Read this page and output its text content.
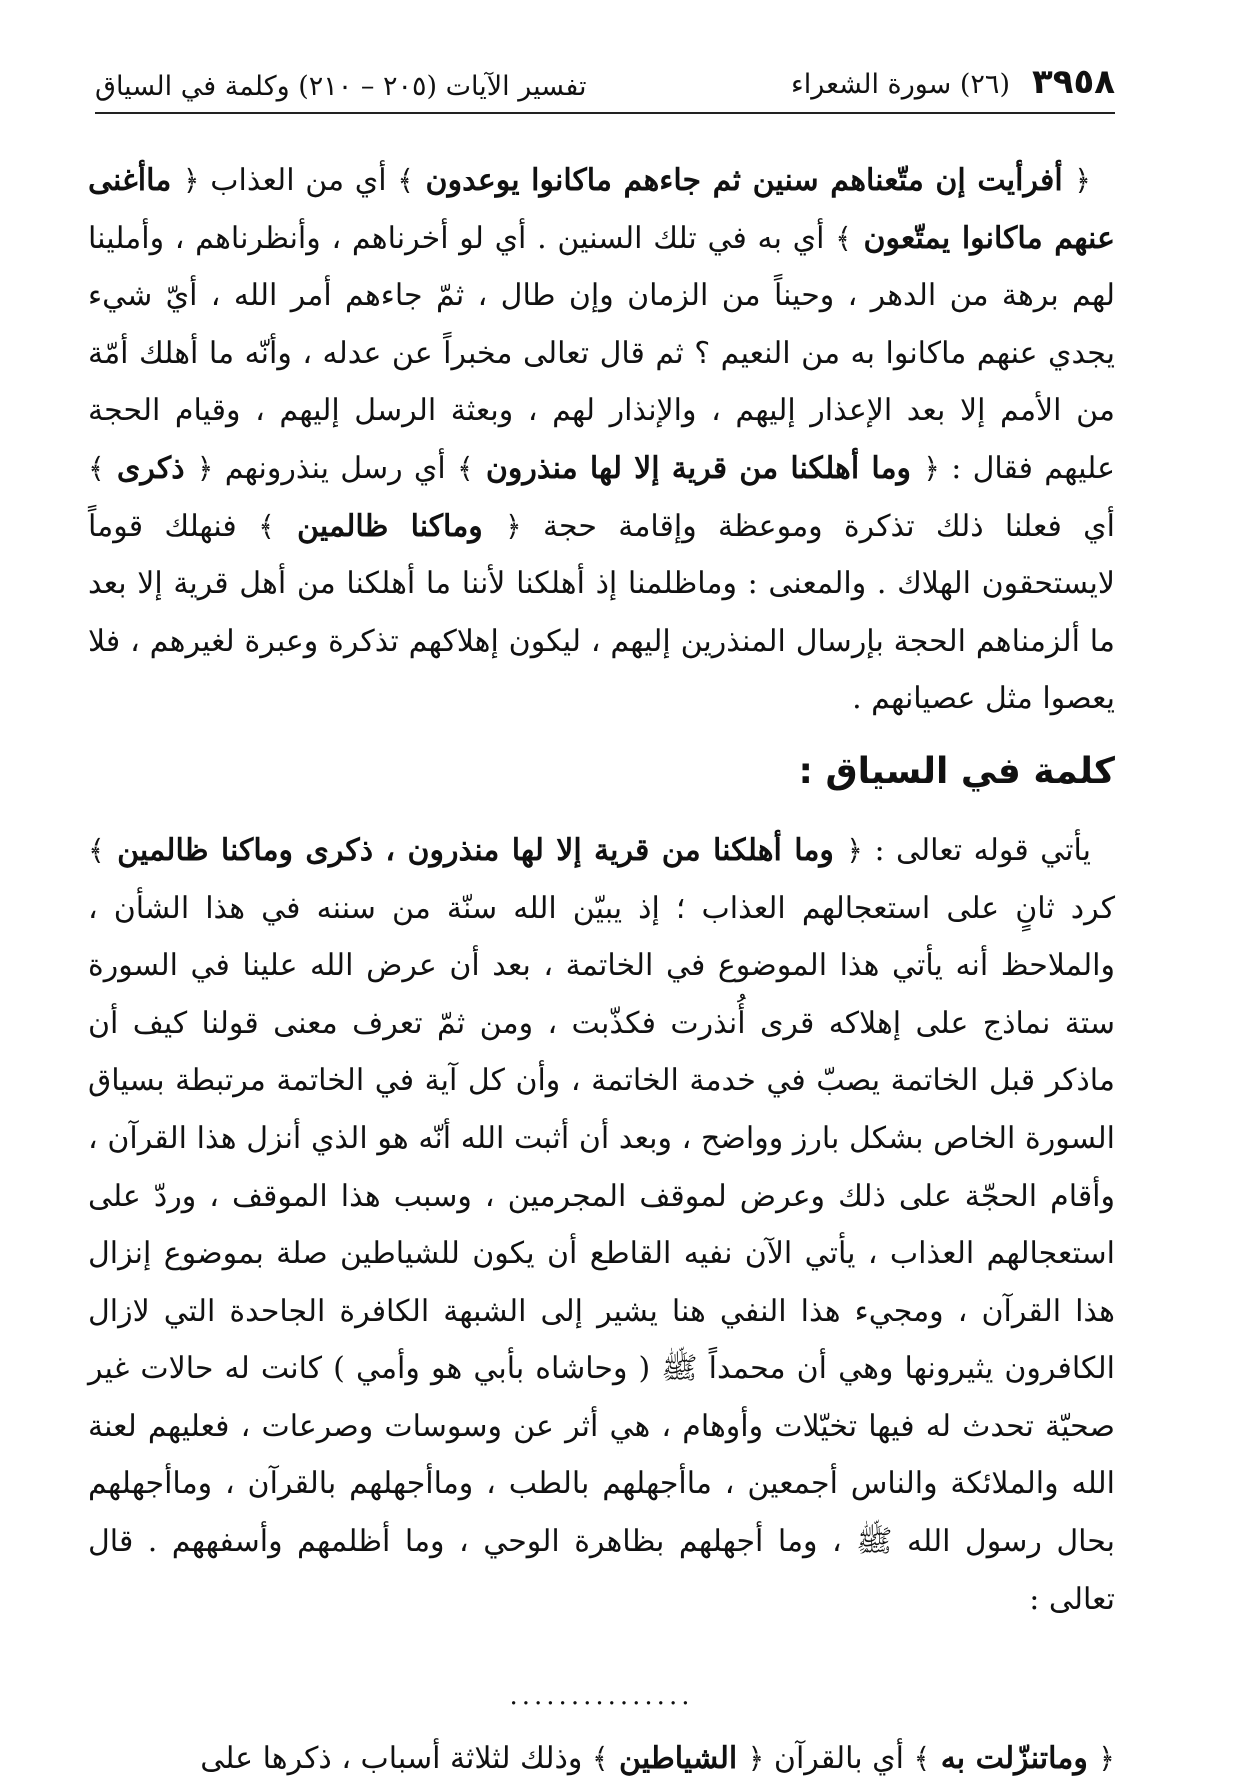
٣٩٥٨
(٢٦) سورة الشعراء
تفسير الآيات (٢٠٥ – ٢١٠) وكلمة في السياق

﴿ أفرأيت إن متّعناهم سنين ثم جاءهم ماكانوا يوعدون ﴾ أي من العذاب ﴿ ماأغنى عنهم ماكانوا يمتّعون ﴾ أي به في تلك السنين . أي لو أخرناهم ، وأنظرناهم ، وأملينا لهم برهة من الدهر ، وحيناً من الزمان وإن طال ، ثمّ جاءهم أمر الله ، أيّ شيء يجدي عنهم ماكانوا به من النعيم ؟ ثم قال تعالى مخبراً عن عدله ، وأنّه ما أهلك أمّة من الأمم إلا بعد الإعذار إليهم ، والإنذار لهم ، وبعثة الرسل إليهم ، وقيام الحجة عليهم فقال : ﴿ وما أهلكنا من قرية إلا لها منذرون ﴾ أي رسل ينذرونهم ﴿ ذكرى ﴾ أي فعلنا ذلك تذكرة وموعظة وإقامة حجة ﴿ وماكنا ظالمين ﴾ فنهلك قوماً لايستحقون الهلاك . والمعنى : وماظلمنا إذ أهلكنا لأننا ما أهلكنا من أهل قرية إلا بعد ما ألزمناهم الحجة بإرسال المنذرين إليهم ، ليكون إهلاكهم تذكرة وعبرة لغيرهم ، فلا يعصوا مثل عصيانهم .

كلمة في السياق :

يأتي قوله تعالى : ﴿ وما أهلكنا من قرية إلا لها منذرون ، ذكرى وماكنا ظالمين ﴾ كرد ثانٍ على استعجالهم العذاب ؛ إذ يبيّن الله سنّة من سننه في هذا الشأن ، والملاحظ أنه يأتي هذا الموضوع في الخاتمة ، بعد أن عرض الله علينا في السورة ستة نماذج على إهلاكه قرى أُنذرت فكذّبت ، ومن ثمّ تعرف معنى قولنا كيف أن ماذكر قبل الخاتمة يصبّ في خدمة الخاتمة ، وأن كل آية في الخاتمة مرتبطة بسياق السورة الخاص بشكل بارز وواضح ، وبعد أن أثبت الله أنّه هو الذي أنزل هذا القرآن ، وأقام الحجّة على ذلك وعرض لموقف المجرمين ، وسبب هذا الموقف ، وردّ على استعجالهم العذاب ، يأتي الآن نفيه القاطع أن يكون للشياطين صلة بموضوع إنزال هذا القرآن ، ومجيء هذا النفي هنا يشير إلى الشبهة الكافرة الجاحدة التي لازال الكافرون يثيرونها وهي أن محمداً ﷺ ( وحاشاه بأبي هو وأمي ) كانت له حالات غير صحيّة تحدث له فيها تخيّلات وأوهام ، هي أثر عن وسوسات وصرعات ، فعليهم لعنة الله والملائكة والناس أجمعين ، ماأجهلهم بالطب ، وماأجهلهم بالقرآن ، وماأجهلهم بحال رسول الله ﷺ ، وما أجهلهم بظاهرة الوحي ، وما أظلمهم وأسفههم . قال تعالى :

...............

﴿ وماتنزّلت به ﴾ أي بالقرآن ﴿ الشياطين ﴾ وذلك لثلاثة أسباب ، ذكرها على
